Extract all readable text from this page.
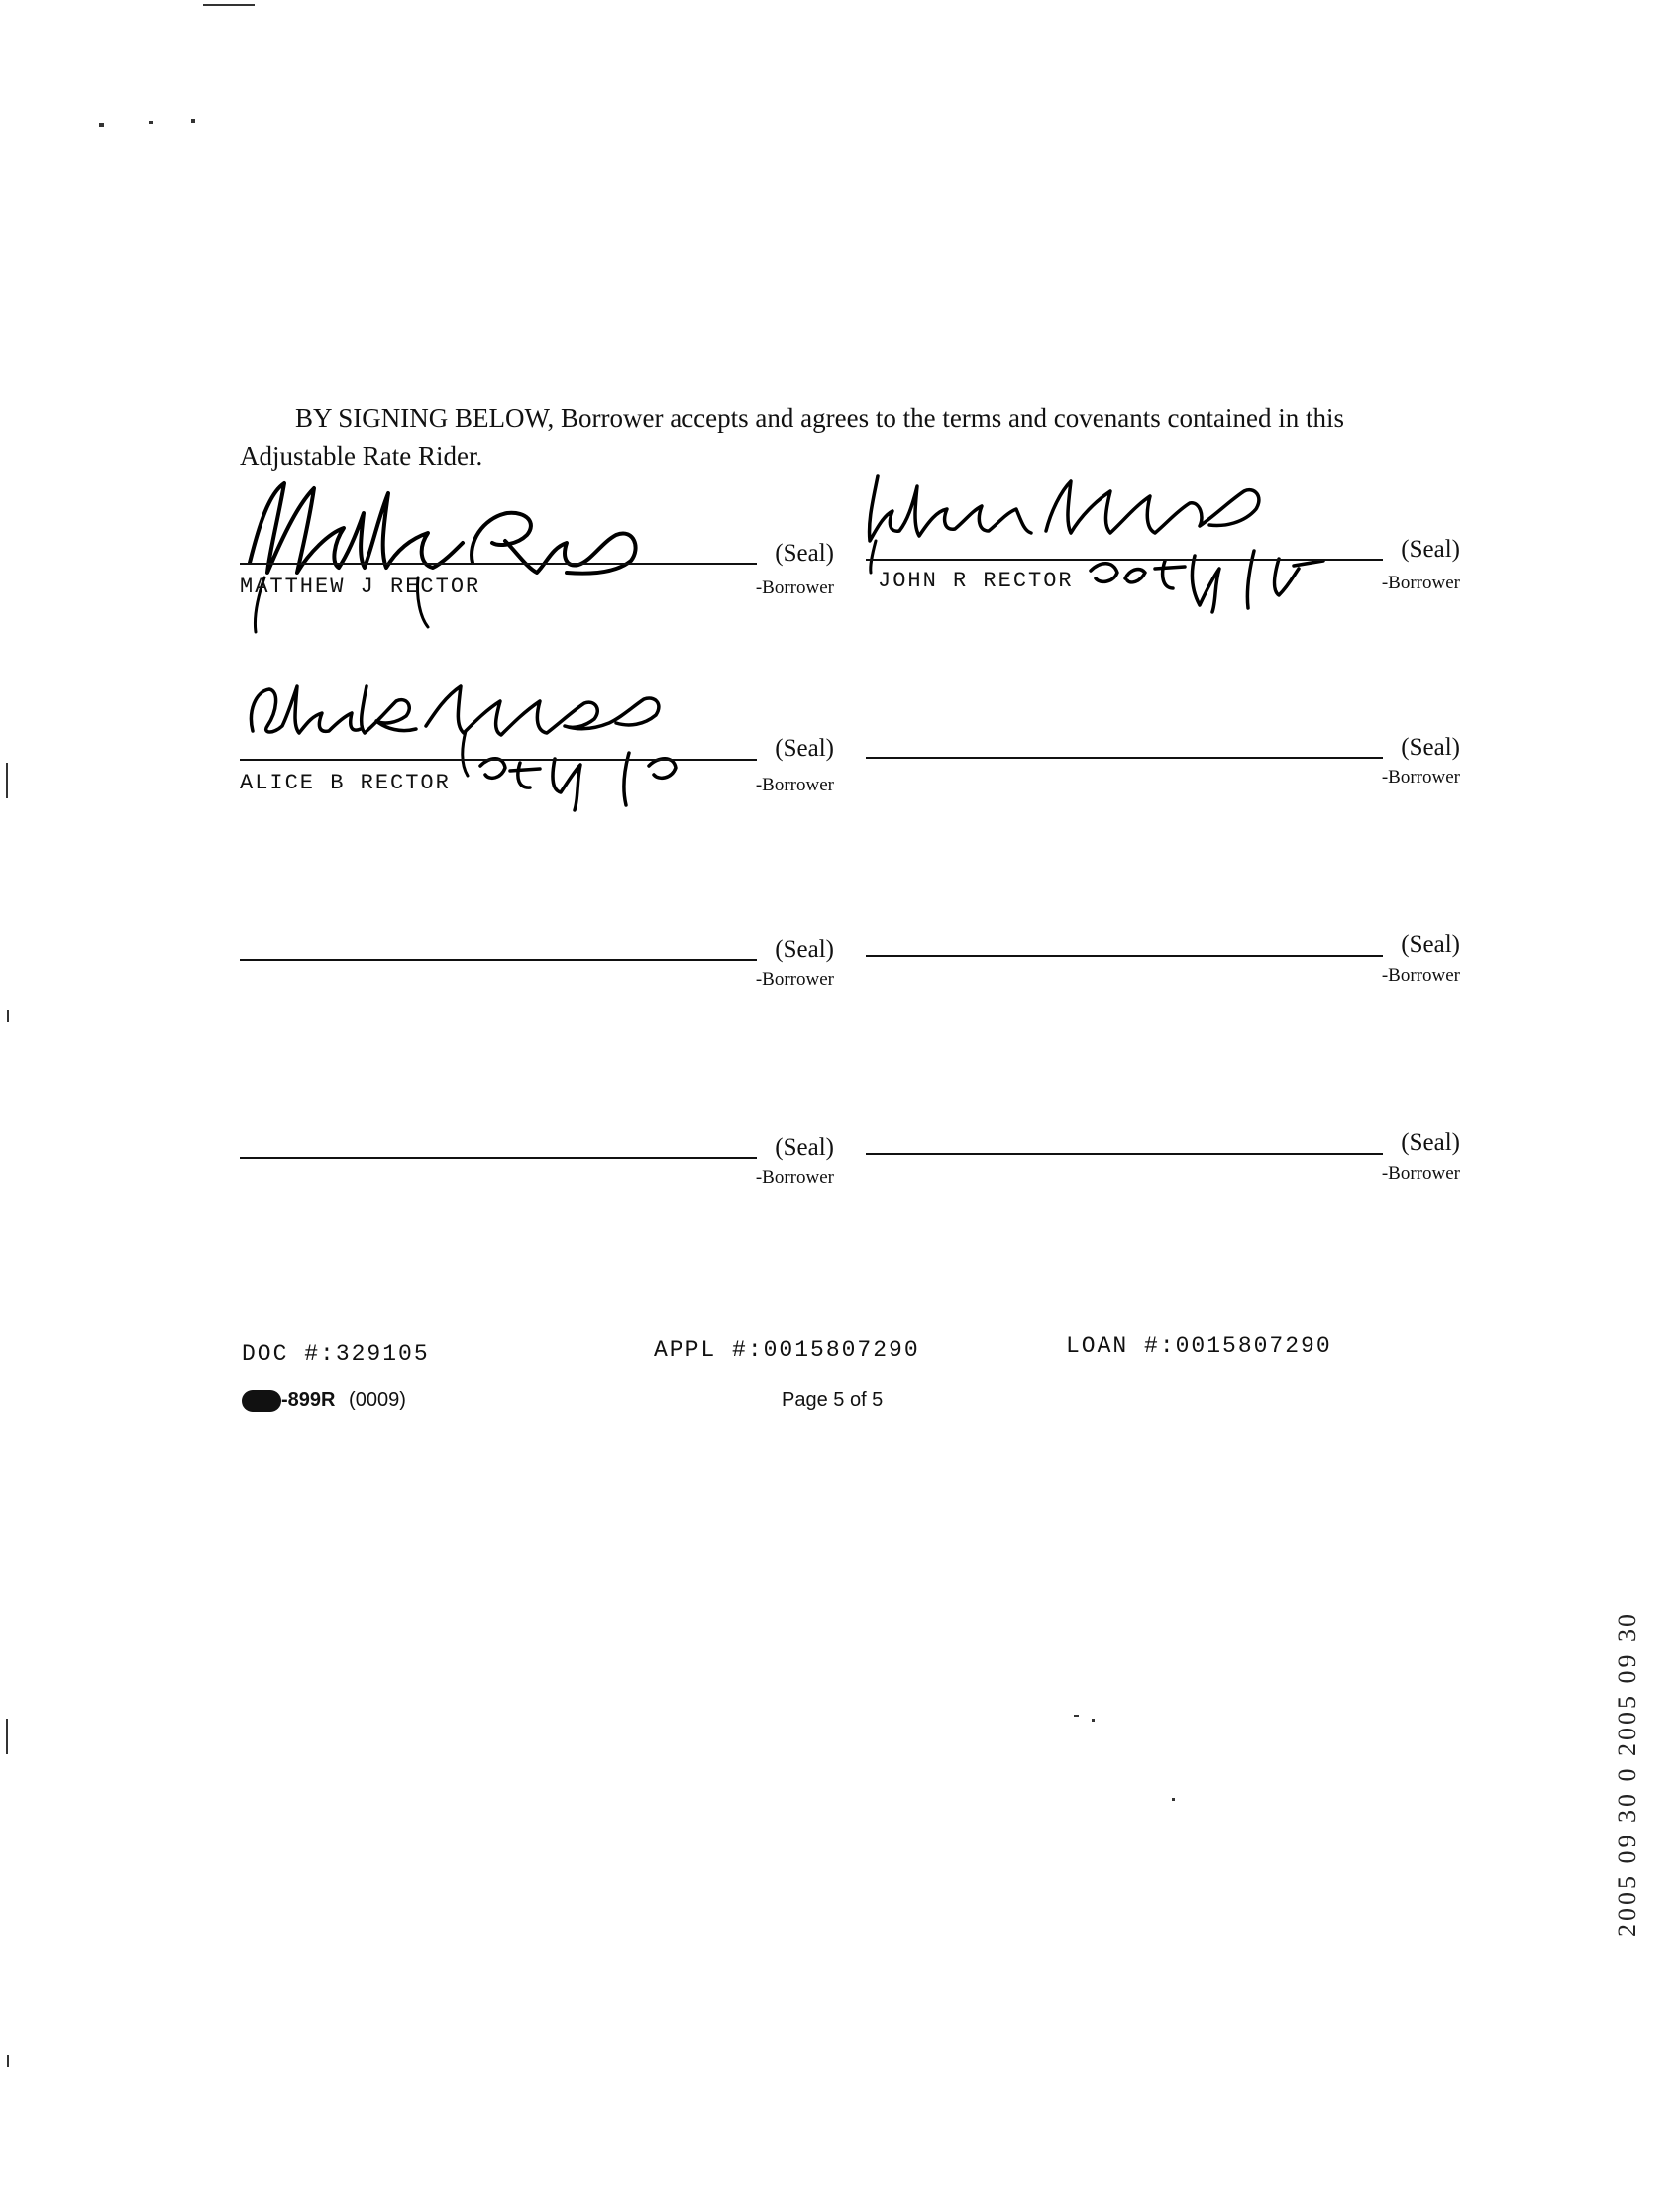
BY SIGNING BELOW, Borrower accepts and agrees to the terms and covenants contained in this
Adjustable Rate Rider.
(Seal)
-Borrower
MATTHEW J RECTOR
(Seal)
-Borrower
JOHN R RECTOR
(Seal)
-Borrower
ALICE B RECTOR
(Seal)
-Borrower
(Seal)
-Borrower
(Seal)
-Borrower
(Seal)
-Borrower
(Seal)
-Borrower
DOC #:329105	APPL #:0015807290	LOAN #:0015807290
-899R (0009)	Page 5 of 5
2005 09 30 0 2005 09 30
